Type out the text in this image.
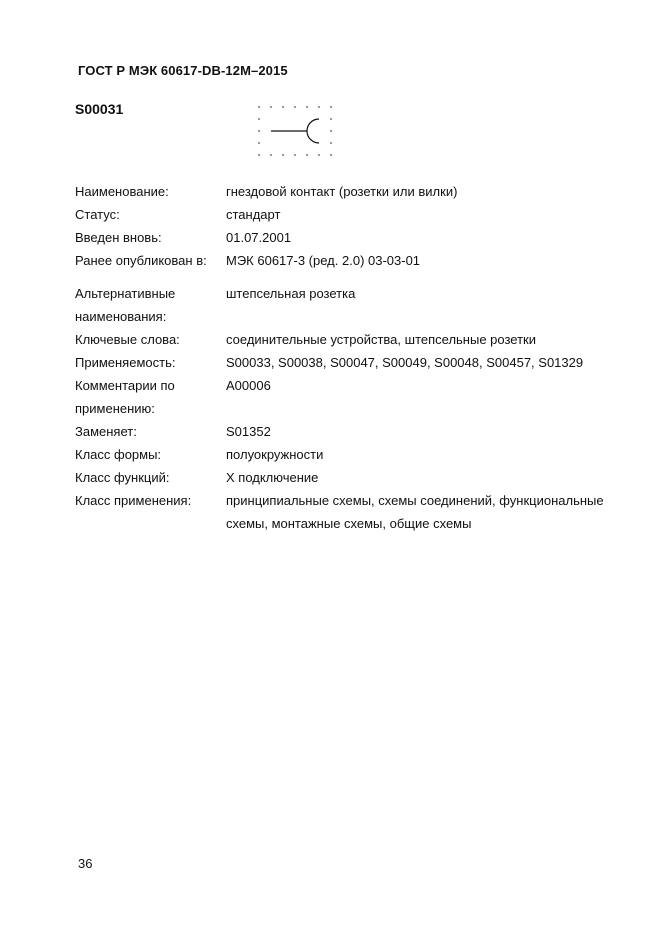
ГОСТ Р МЭК 60617-DB-12M–2015
S00031
Наименование:	гнездовой контакт (розетки или вилки)
Статус:	стандарт
Введен вновь:	01.07.2001
Ранее опубликован в:	МЭК 60617-3 (ред. 2.0) 03-03-01
Альтернативные наименования:
штепсельная розетка
Ключевые слова:	соединительные устройства, штепсельные розетки
Применяемость:	S00033, S00038, S00047, S00049, S00048, S00457, S01329
Комментарии по применению:
A00006
Заменяет:	S01352
Класс формы:	полуокружности
Класс функций:	X подключение
Класс применения:	принципиальные схемы, схемы соединений, функциональные схемы, монтажные схемы, общие схемы
36
